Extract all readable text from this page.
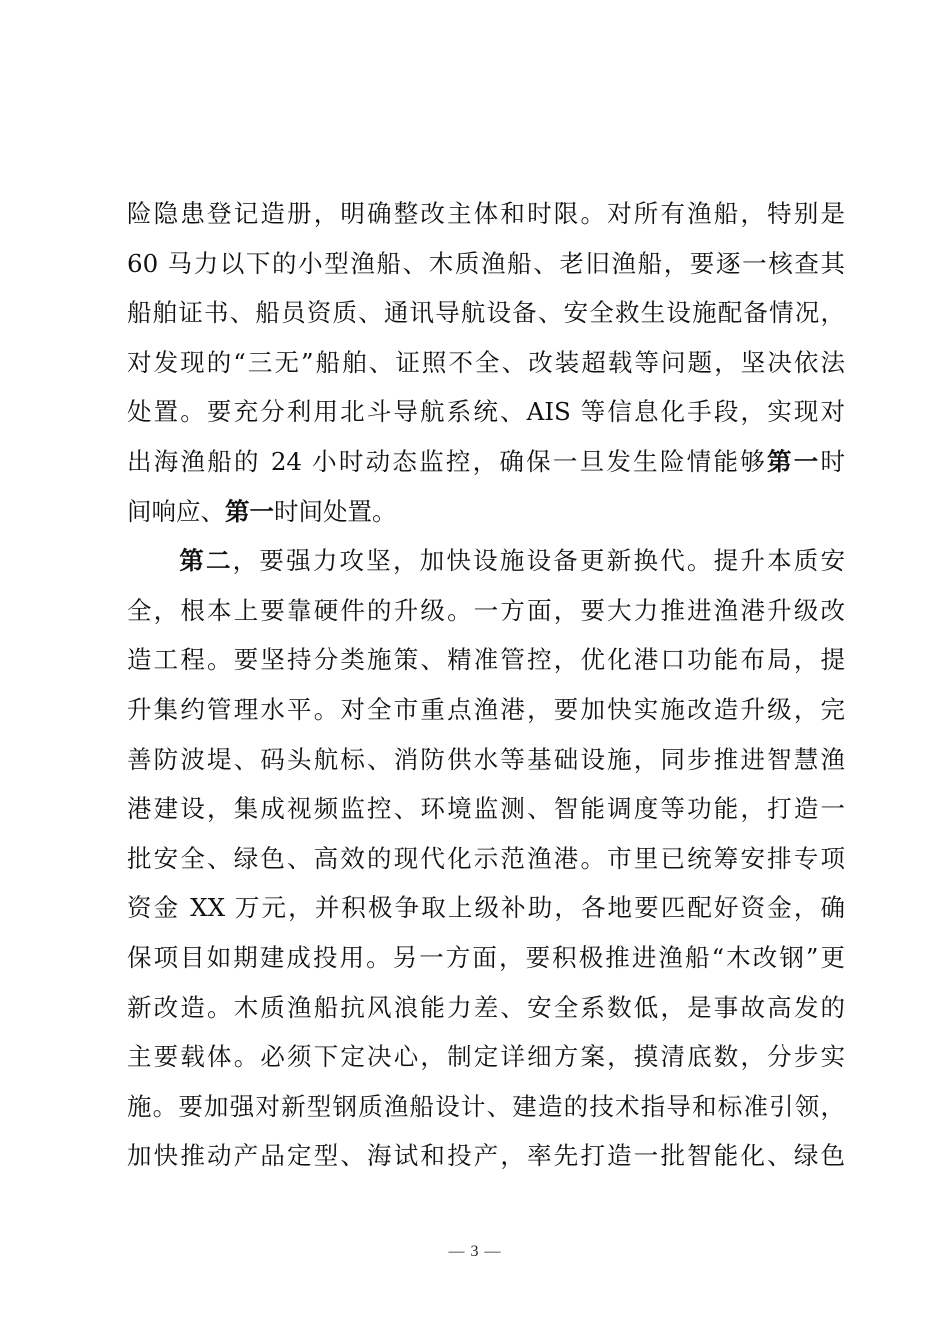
险隐患登记造册，明确整改主体和时限。对所有渔船，特别是
60 马力以下的小型渔船、木质渔船、老旧渔船，要逐一核查其
船舶证书、船员资质、通讯导航设备、安全救生设施配备情况，
对发现的“三无”船舶、证照不全、改装超载等问题，坚决依法
处置。要充分利用北斗导航系统、AIS 等信息化手段，实现对
出海渔船的 24 小时动态监控，确保一旦发生险情能够第一时
间响应、第一时间处置。
第二，要强力攻坚，加快设施设备更新换代。提升本质安
全，根本上要靠硬件的升级。一方面，要大力推进渔港升级改
造工程。要坚持分类施策、精准管控，优化港口功能布局，提
升集约管理水平。对全市重点渔港，要加快实施改造升级，完
善防波堤、码头航标、消防供水等基础设施，同步推进智慧渔
港建设，集成视频监控、环境监测、智能调度等功能，打造一
批安全、绿色、高效的现代化示范渔港。市里已统筹安排专项
资金 XX 万元，并积极争取上级补助，各地要匹配好资金，确
保项目如期建成投用。另一方面，要积极推进渔船“木改钢”更
新改造。木质渔船抗风浪能力差、安全系数低，是事故高发的
主要载体。必须下定决心，制定详细方案，摸清底数，分步实
施。要加强对新型钢质渔船设计、建造的技术指导和标准引领，
加快推动产品定型、海试和投产，率先打造一批智能化、绿色
— 3 —
